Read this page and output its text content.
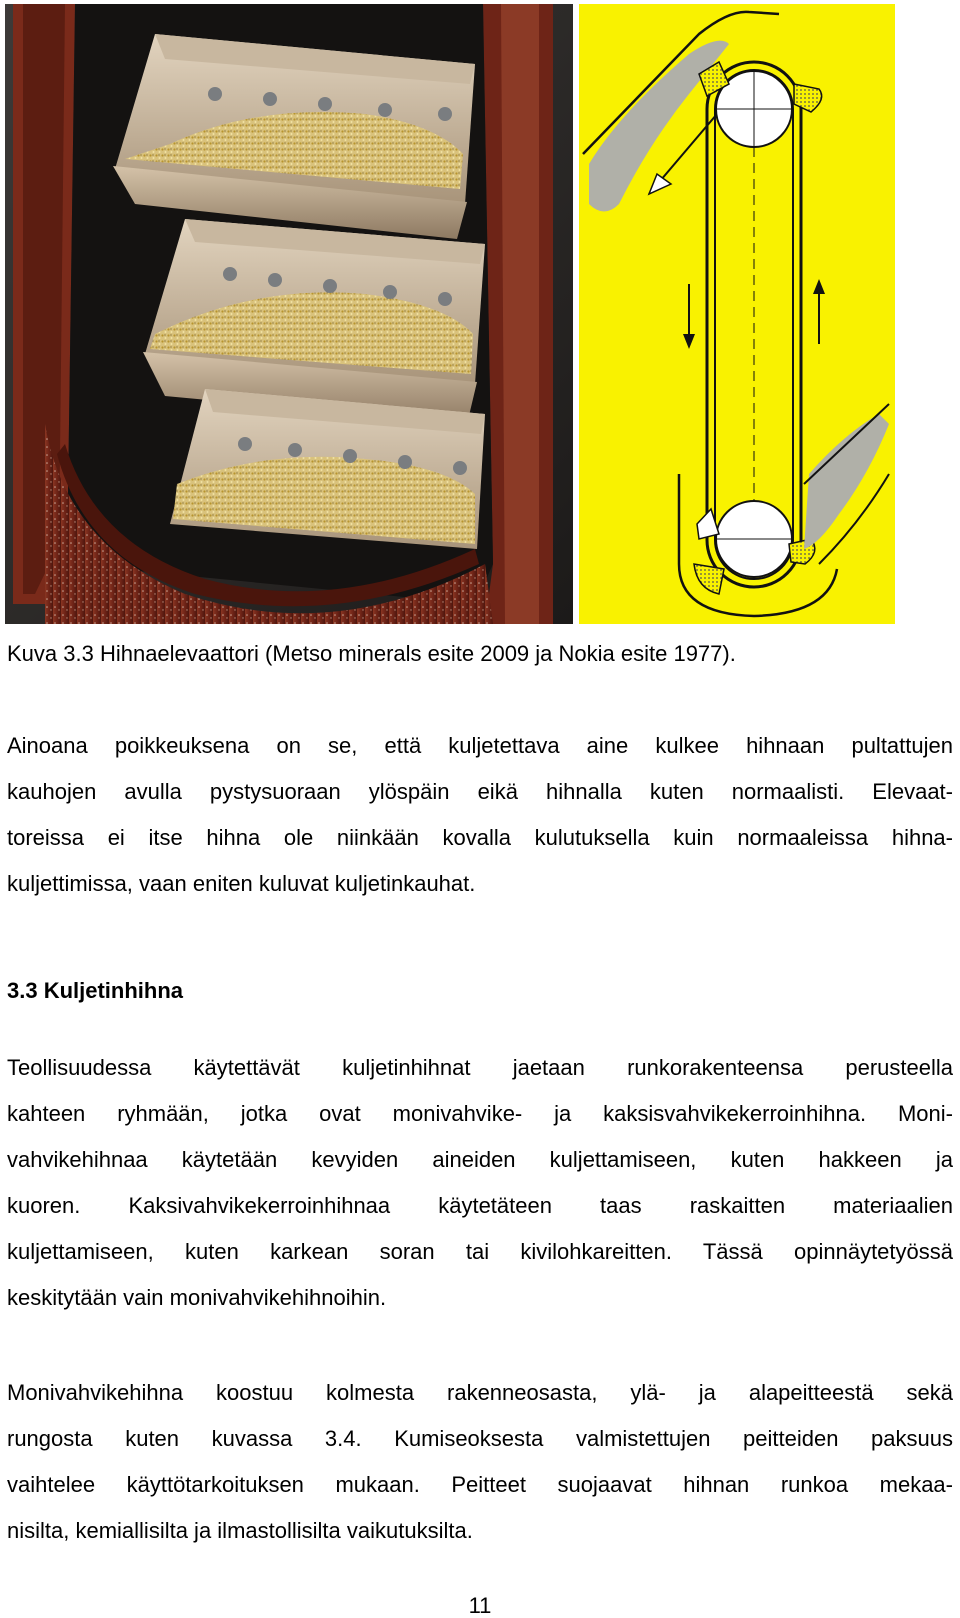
Kuva 3.3 Hihnaelevaattori (Metso minerals esite 2009 ja Nokia esite 1977).
Ainoana poikkeuksena on se, että kuljetettava aine kulkee hihnaan pultattujen
kauhojen avulla pystysuoraan ylöspäin eikä hihnalla kuten normaalisti. Elevaat-
toreissa ei itse hihna ole niinkään kovalla kulutuksella kuin normaaleissa hihna-
kuljettimissa, vaan eniten kuluvat kuljetinkauhat.
3.3 Kuljetinhihna
Teollisuudessa käytettävät kuljetinhihnat jaetaan runkorakenteensa perusteella
kahteen ryhmään, jotka ovat monivahvike- ja kaksisvahvikekerroinhihna. Moni-
vahvikehihnaa käytetään kevyiden aineiden kuljettamiseen, kuten hakkeen ja
kuoren. Kaksivahvikekerroinhihnaa käytetäteen taas raskaitten materiaalien
kuljettamiseen, kuten karkean soran tai kivilohkareitten. Tässä opinnäytetyössä
keskitytään vain monivahvikehihnoihin.
Monivahvikehihna koostuu kolmesta rakenneosasta, ylä- ja alapeitteestä sekä
rungosta kuten kuvassa 3.4. Kumiseoksesta valmistettujen peitteiden paksuus
vaihtelee käyttötarkoituksen mukaan. Peitteet suojaavat hihnan runkoa mekaa-
nisilta, kemiallisilta ja ilmastollisilta vaikutuksilta.
11
